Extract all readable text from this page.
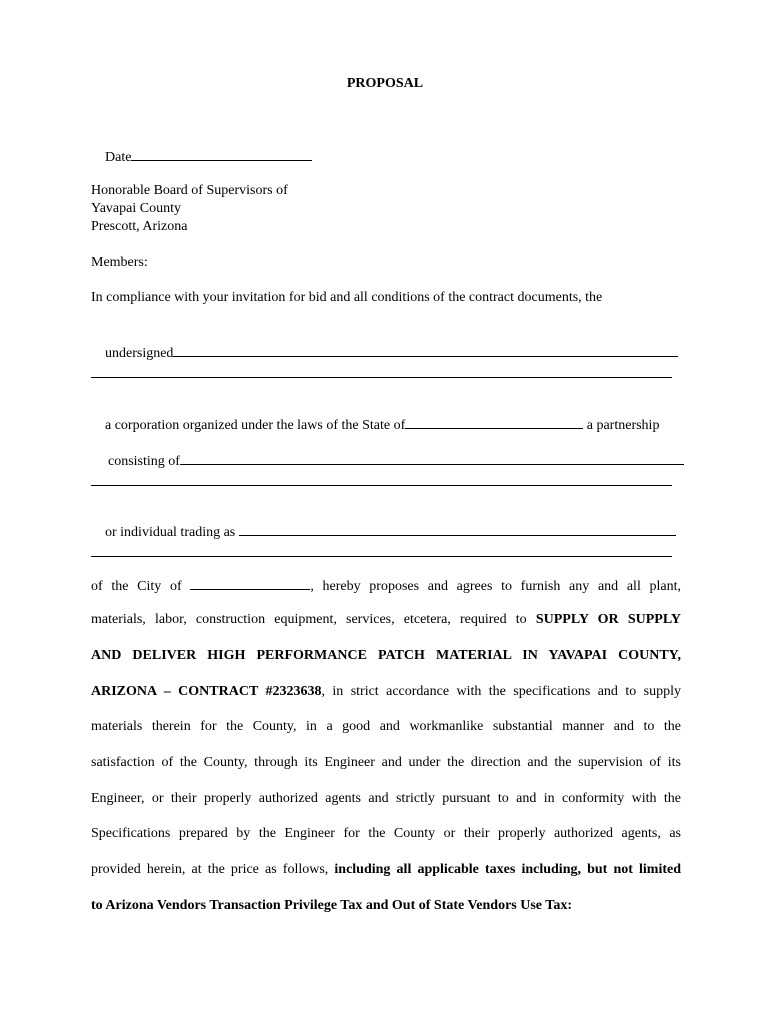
PROPOSAL

Date

Honorable Board of Supervisors of
Yavapai County
Prescott, Arizona
Members:
In compliance with your invitation for bid and all conditions of the contract documents, the

undersigned

a corporation organized under the laws of the State of	a partnership

consisting of

or individual trading as

of the City of	, hereby proposes and agrees to furnish any and all plant,
materials, labor, construction equipment, services, etcetera, required to SUPPLY OR SUPPLY
AND DELIVER HIGH PERFORMANCE PATCH MATERIAL IN YAVAPAI COUNTY,
ARIZONA – CONTRACT #2323638, in strict accordance with the specifications and to supply
materials therein for the County, in a good and workmanlike substantial manner and to the
satisfaction of the County, through its Engineer and under the direction and the supervision of its
Engineer, or their properly authorized agents and strictly pursuant to and in conformity with the
Specifications prepared by the Engineer for the County or their properly authorized agents, as
provided herein, at the price as follows, including all applicable taxes including, but not limited
to Arizona Vendors Transaction Privilege Tax and Out of State Vendors Use Tax:
